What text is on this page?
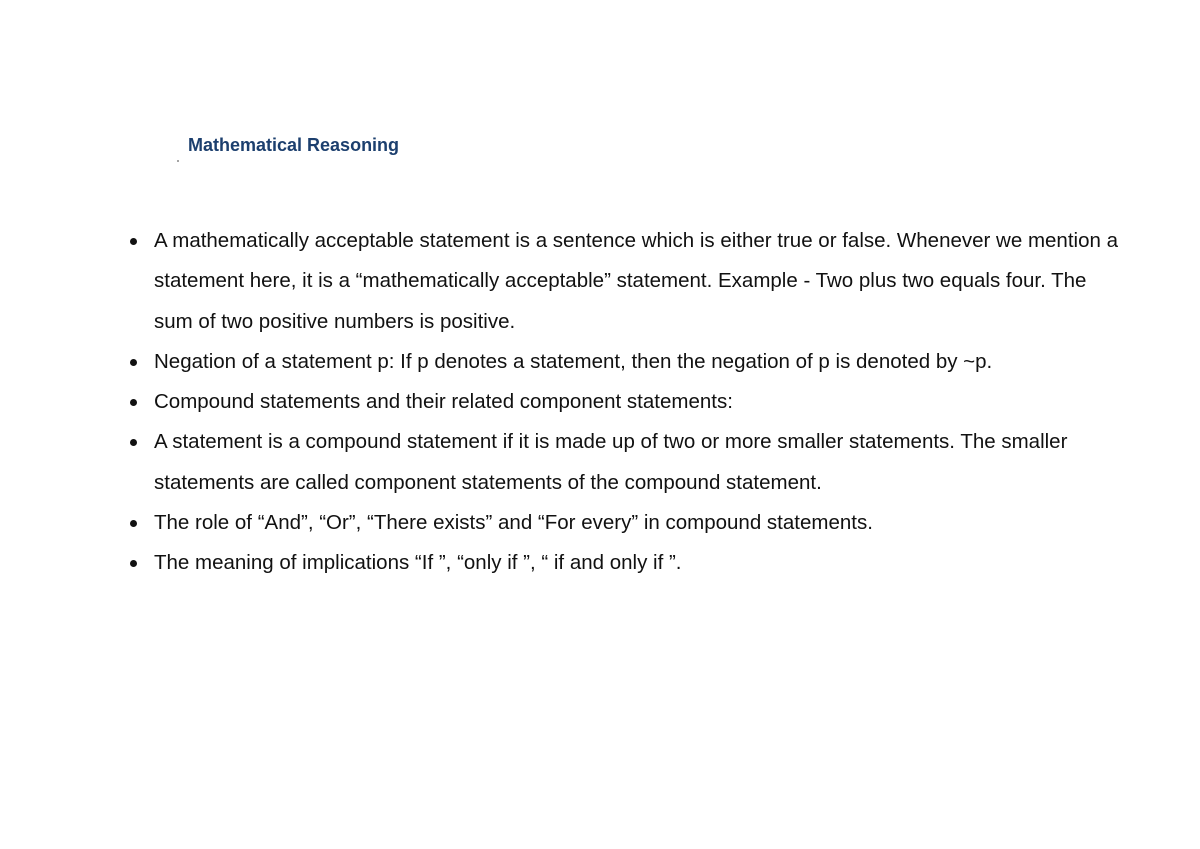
Mathematical Reasoning
A mathematically acceptable statement is a sentence which is either true or false. Whenever we mention a statement here, it is a “mathematically acceptable” statement. Example - Two plus two equals four. The sum of two positive numbers is positive.
Negation of a statement p: If p denotes a statement, then the negation of p is denoted by ~p.
Compound statements and their related component statements:
A statement is a compound statement if it is made up of two or more smaller statements. The smaller statements are called component statements of the compound statement.
The role of “And”, “Or”, “There exists” and “For every” in compound statements.
The meaning of implications “If ”, “only if ”, “ if and only if ”.
